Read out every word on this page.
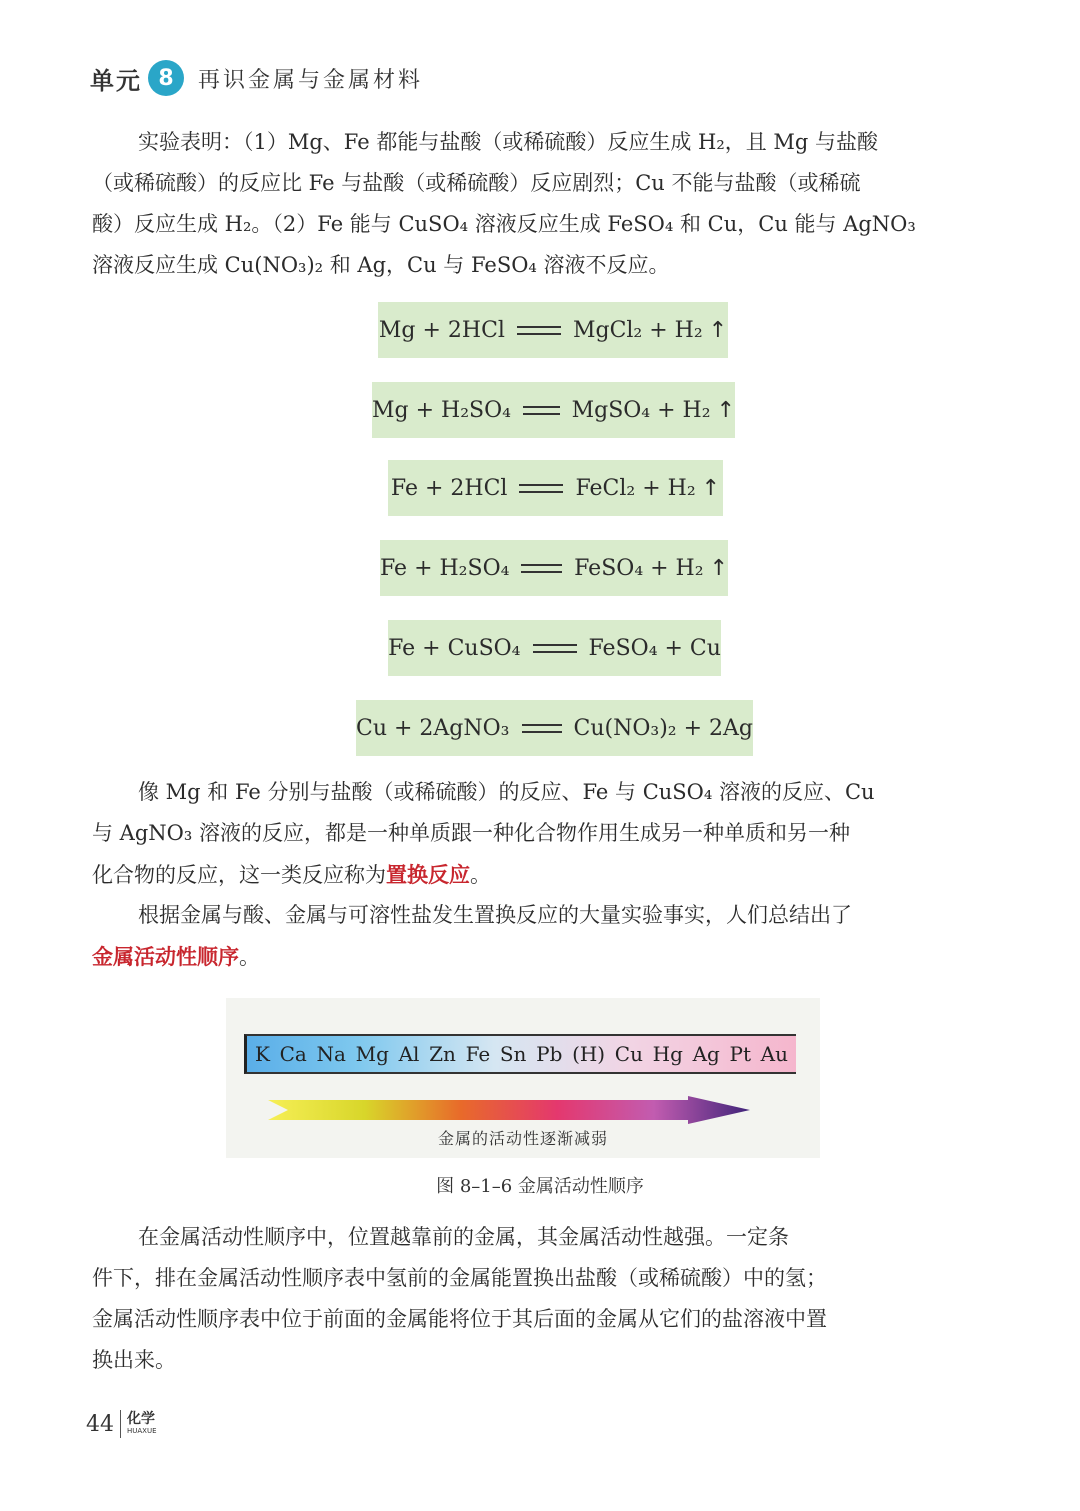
单元 8	再识金属与金属材料
实验表明：（1）Mg、Fe 都能与盐酸（或稀硫酸）反应生成 H₂，且 Mg 与盐酸
（或稀硫酸）的反应比 Fe 与盐酸（或稀硫酸）反应剧烈；Cu 不能与盐酸（或稀硫
酸）反应生成 H₂。（2）Fe 能与 CuSO₄ 溶液反应生成 FeSO₄ 和 Cu，Cu 能与 AgNO₃
溶液反应生成 Cu(NO₃)₂ 和 Ag，Cu 与 FeSO₄ 溶液不反应。
Mg + 2HCl	MgCl₂ + H₂ ↑
Mg + H₂SO₄	MgSO₄ + H₂ ↑
Fe + 2HCl	FeCl₂ + H₂ ↑
Fe + H₂SO₄	FeSO₄ + H₂ ↑
Fe + CuSO₄	FeSO₄ + Cu
Cu + 2AgNO₃	Cu(NO₃)₂ + 2Ag
像 Mg 和 Fe 分别与盐酸（或稀硫酸）的反应、Fe 与 CuSO₄ 溶液的反应、Cu
与 AgNO₃ 溶液的反应，都是一种单质跟一种化合物作用生成另一种单质和另一种
化合物的反应，这一类反应称为置换反应。
根据金属与酸、金属与可溶性盐发生置换反应的大量实验事实，人们总结出了
金属活动性顺序。
K Ca Na Mg Al Zn Fe Sn Pb (H) Cu Hg Ag Pt Au
金属的活动性逐渐减弱
图 8–1–6 金属活动性顺序
在金属活动性顺序中，位置越靠前的金属，其金属活动性越强。一定条
件下，排在金属活动性顺序表中氢前的金属能置换出盐酸（或稀硫酸）中的氢；
金属活动性顺序表中位于前面的金属能将位于其后面的金属从它们的盐溶液中置
换出来。
44 化学
HUAXUE
